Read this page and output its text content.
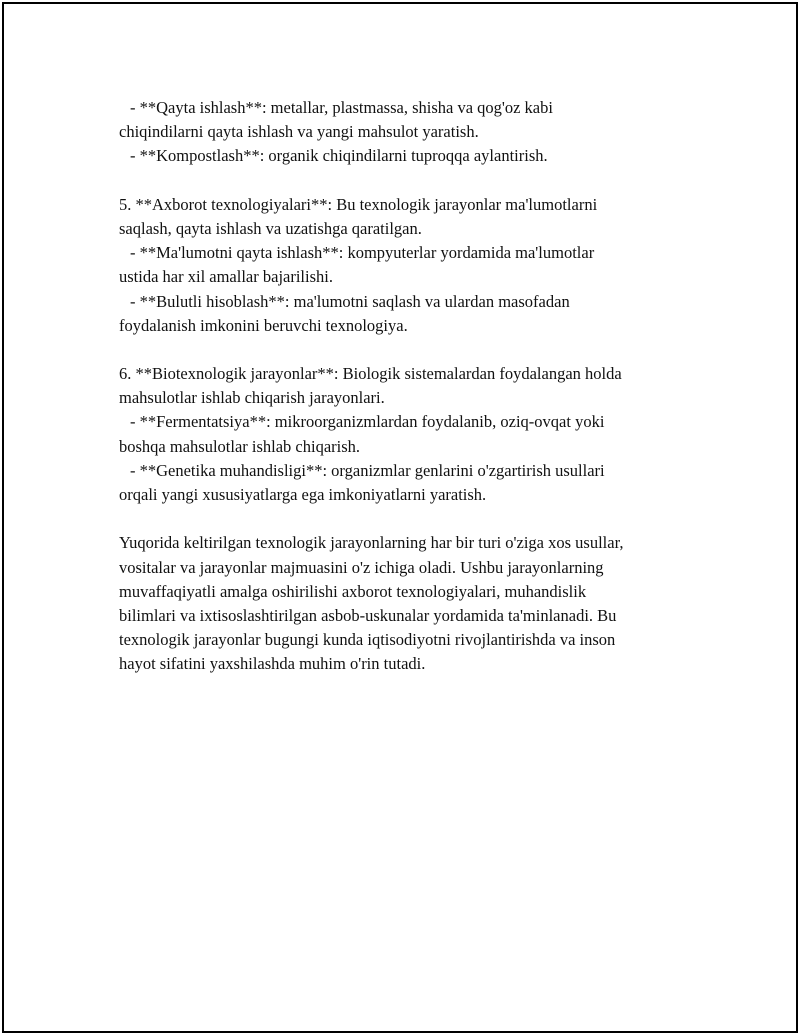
- **Qayta ishlash**: metallar, plastmassa, shisha va qog'oz kabi
chiqindilarni qayta ishlash va yangi mahsulot yaratish.
- **Kompostlash**: organik chiqindilarni tuproqqa aylantirish.
5. **Axborot texnologiyalari**: Bu texnologik jarayonlar ma'lumotlarni
saqlash, qayta ishlash va uzatishga qaratilgan.
- **Ma'lumotni qayta ishlash**: kompyuterlar yordamida ma'lumotlar
ustida har xil amallar bajarilishi.
- **Bulutli hisoblash**: ma'lumotni saqlash va ulardan masofadan
foydalanish imkonini beruvchi texnologiya.
6. **Biotexnologik jarayonlar**: Biologik sistemalardan foydalangan holda
mahsulotlar ishlab chiqarish jarayonlari.
- **Fermentatsiya**: mikroorganizmlardan foydalanib, oziq-ovqat yoki
boshqa mahsulotlar ishlab chiqarish.
- **Genetika muhandisligi**: organizmlar genlarini o'zgartirish usullari
orqali yangi xususiyatlarga ega imkoniyatlarni yaratish.
Yuqorida keltirilgan texnologik jarayonlarning har bir turi o'ziga xos usullar,
vositalar va jarayonlar majmuasini o'z ichiga oladi. Ushbu jarayonlarning
muvaffaqiyatli amalga oshirilishi axborot texnologiyalari, muhandislik
bilimlari va ixtisoslashtirilgan asbob-uskunalar yordamida ta'minlanadi. Bu
texnologik jarayonlar bugungi kunda iqtisodiyotni rivojlantirishda va inson
hayot sifatini yaxshilashda muhim o'rin tutadi.
